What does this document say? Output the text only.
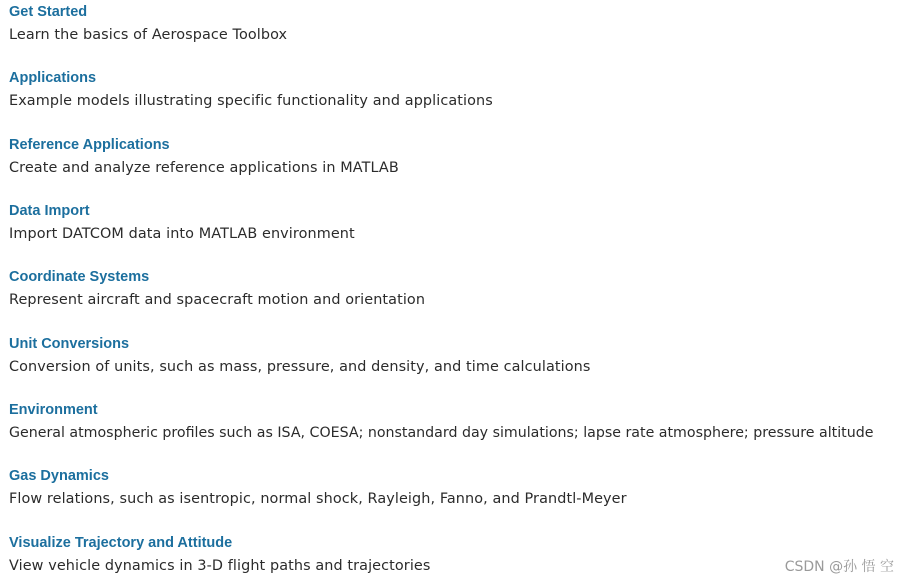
Get Started
Learn the basics of Aerospace Toolbox
Applications
Example models illustrating specific functionality and applications
Reference Applications
Create and analyze reference applications in MATLAB
Data Import
Import DATCOM data into MATLAB environment
Coordinate Systems
Represent aircraft and spacecraft motion and orientation
Unit Conversions
Conversion of units, such as mass, pressure, and density, and time calculations
Environment
General atmospheric profiles such as ISA, COESA; nonstandard day simulations; lapse rate atmosphere; pressure altitude
Gas Dynamics
Flow relations, such as isentropic, normal shock, Rayleigh, Fanno, and Prandtl-Meyer
Visualize Trajectory and Attitude
View vehicle dynamics in 3-D flight paths and trajectories	CSDN @孙 悟 空
